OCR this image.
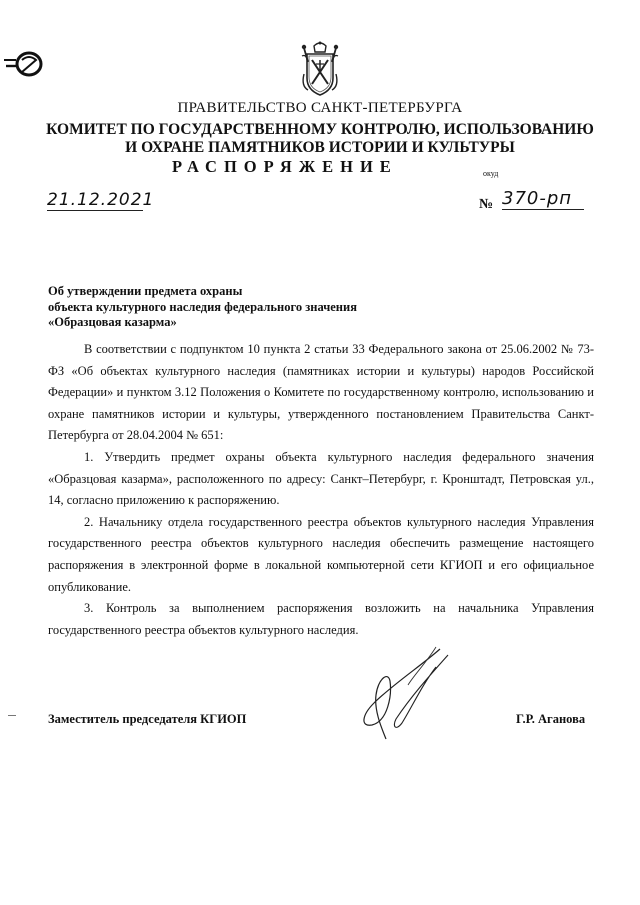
ПРАВИТЕЛЬСТВО САНКТ-ПЕТЕРБУРГА
КОМИТЕТ ПО ГОСУДАРСТВЕННОМУ КОНТРОЛЮ, ИСПОЛЬЗОВАНИЮ
И ОХРАНЕ ПАМЯТНИКОВ ИСТОРИИ И КУЛЬТУРЫ
РАСПОРЯЖЕНИЕ	окуд
21.12.2021	№ 370-рп
Об утверждении предмета охраны
объекта культурного наследия федерального значения
«Образцовая казарма»

В соответствии с подпунктом 10 пункта 2 статьи 33 Федерального закона от 25.06.2002 № 73-ФЗ «Об объектах культурного наследия (памятниках истории и культуры) народов Российской Федерации» и пунктом 3.12 Положения о Комитете по государственному контролю, использованию и охране памятников истории и культуры, утвержденного постановлением Правительства Санкт-Петербурга от 28.04.2004 № 651:

1. Утвердить предмет охраны объекта культурного наследия федерального значения «Образцовая казарма», расположенного по адресу: Санкт–Петербург, г. Кронштадт, Петровская ул., 14, согласно приложению к распоряжению.

2. Начальнику отдела государственного реестра объектов культурного наследия Управления государственного реестра объектов культурного наследия обеспечить размещение настоящего распоряжения в электронной форме в локальной компьютерной сети КГИОП и его официальное опубликование.

3. Контроль за выполнением распоряжения возложить на начальника Управления государственного реестра объектов культурного наследия.

Заместитель председателя КГИОП	Г.Р. Аганова
